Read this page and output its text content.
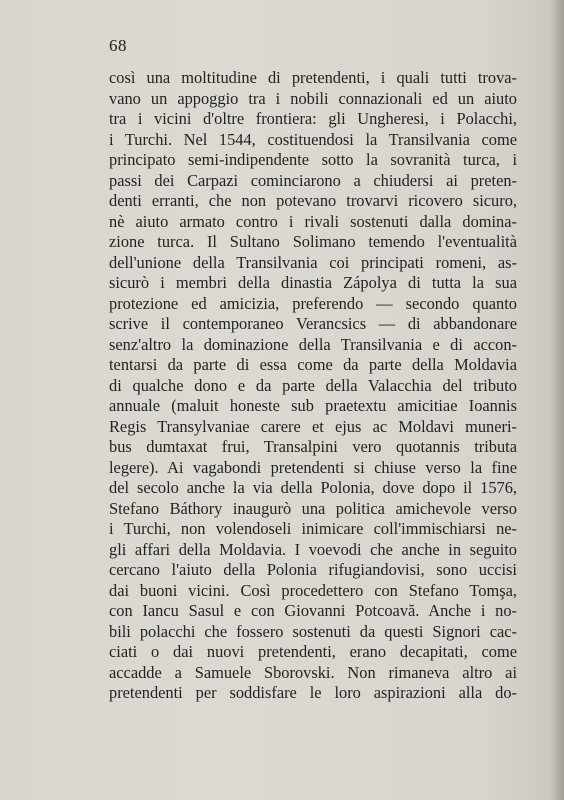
68
così una moltitudine di pretendenti, i quali tutti trova-
vano un appoggio tra i nobili connazionali ed un aiuto
tra i vicini d'oltre frontiera: gli Ungheresi, i Polacchi,
i Turchi. Nel 1544, costituendosi la Transilvania come
principato semi-indipendente sotto la sovranità turca, i
passi dei Carpazi cominciarono a chiudersi ai preten-
denti erranti, che non potevano trovarvi ricovero sicuro,
nè aiuto armato contro i rivali sostenuti dalla domina-
zione turca. Il Sultano Solimano temendo l'eventualità
dell'unione della Transilvania coi principati romeni, as-
sicurò i membri della dinastia Zápolya di tutta la sua
protezione ed amicizia, preferendo — secondo quanto
scrive il contemporaneo Verancsics — di abbandonare
senz'altro la dominazione della Transilvania e di accon-
tentarsi da parte di essa come da parte della Moldavia
di qualche dono e da parte della Valacchia del tributo
annuale (maluit honeste sub praetextu amicitiae Ioannis
Regis Transylvaniae carere et ejus ac Moldavi muneri-
bus dumtaxat frui, Transalpini vero quotannis tributa
legere). Ai vagabondi pretendenti si chiuse verso la fine
del secolo anche la via della Polonia, dove dopo il 1576,
Stefano Báthory inaugurò una politica amichevole verso
i Turchi, non volendoseli inimicare coll'immischiarsi ne-
gli affari della Moldavia. I voevodi che anche in seguito
cercano l'aiuto della Polonia rifugiandovisi, sono uccisi
dai buoni vicini. Così procedettero con Stefano Tomşa,
con Iancu Sasul e con Giovanni Potcoavă. Anche i no-
bili polacchi che fossero sostenuti da questi Signori cac-
ciati o dai nuovi pretendenti, erano decapitati, come
accadde a Samuele Sborovski. Non rimaneva altro ai
pretendenti per soddisfare le loro aspirazioni alla do-
